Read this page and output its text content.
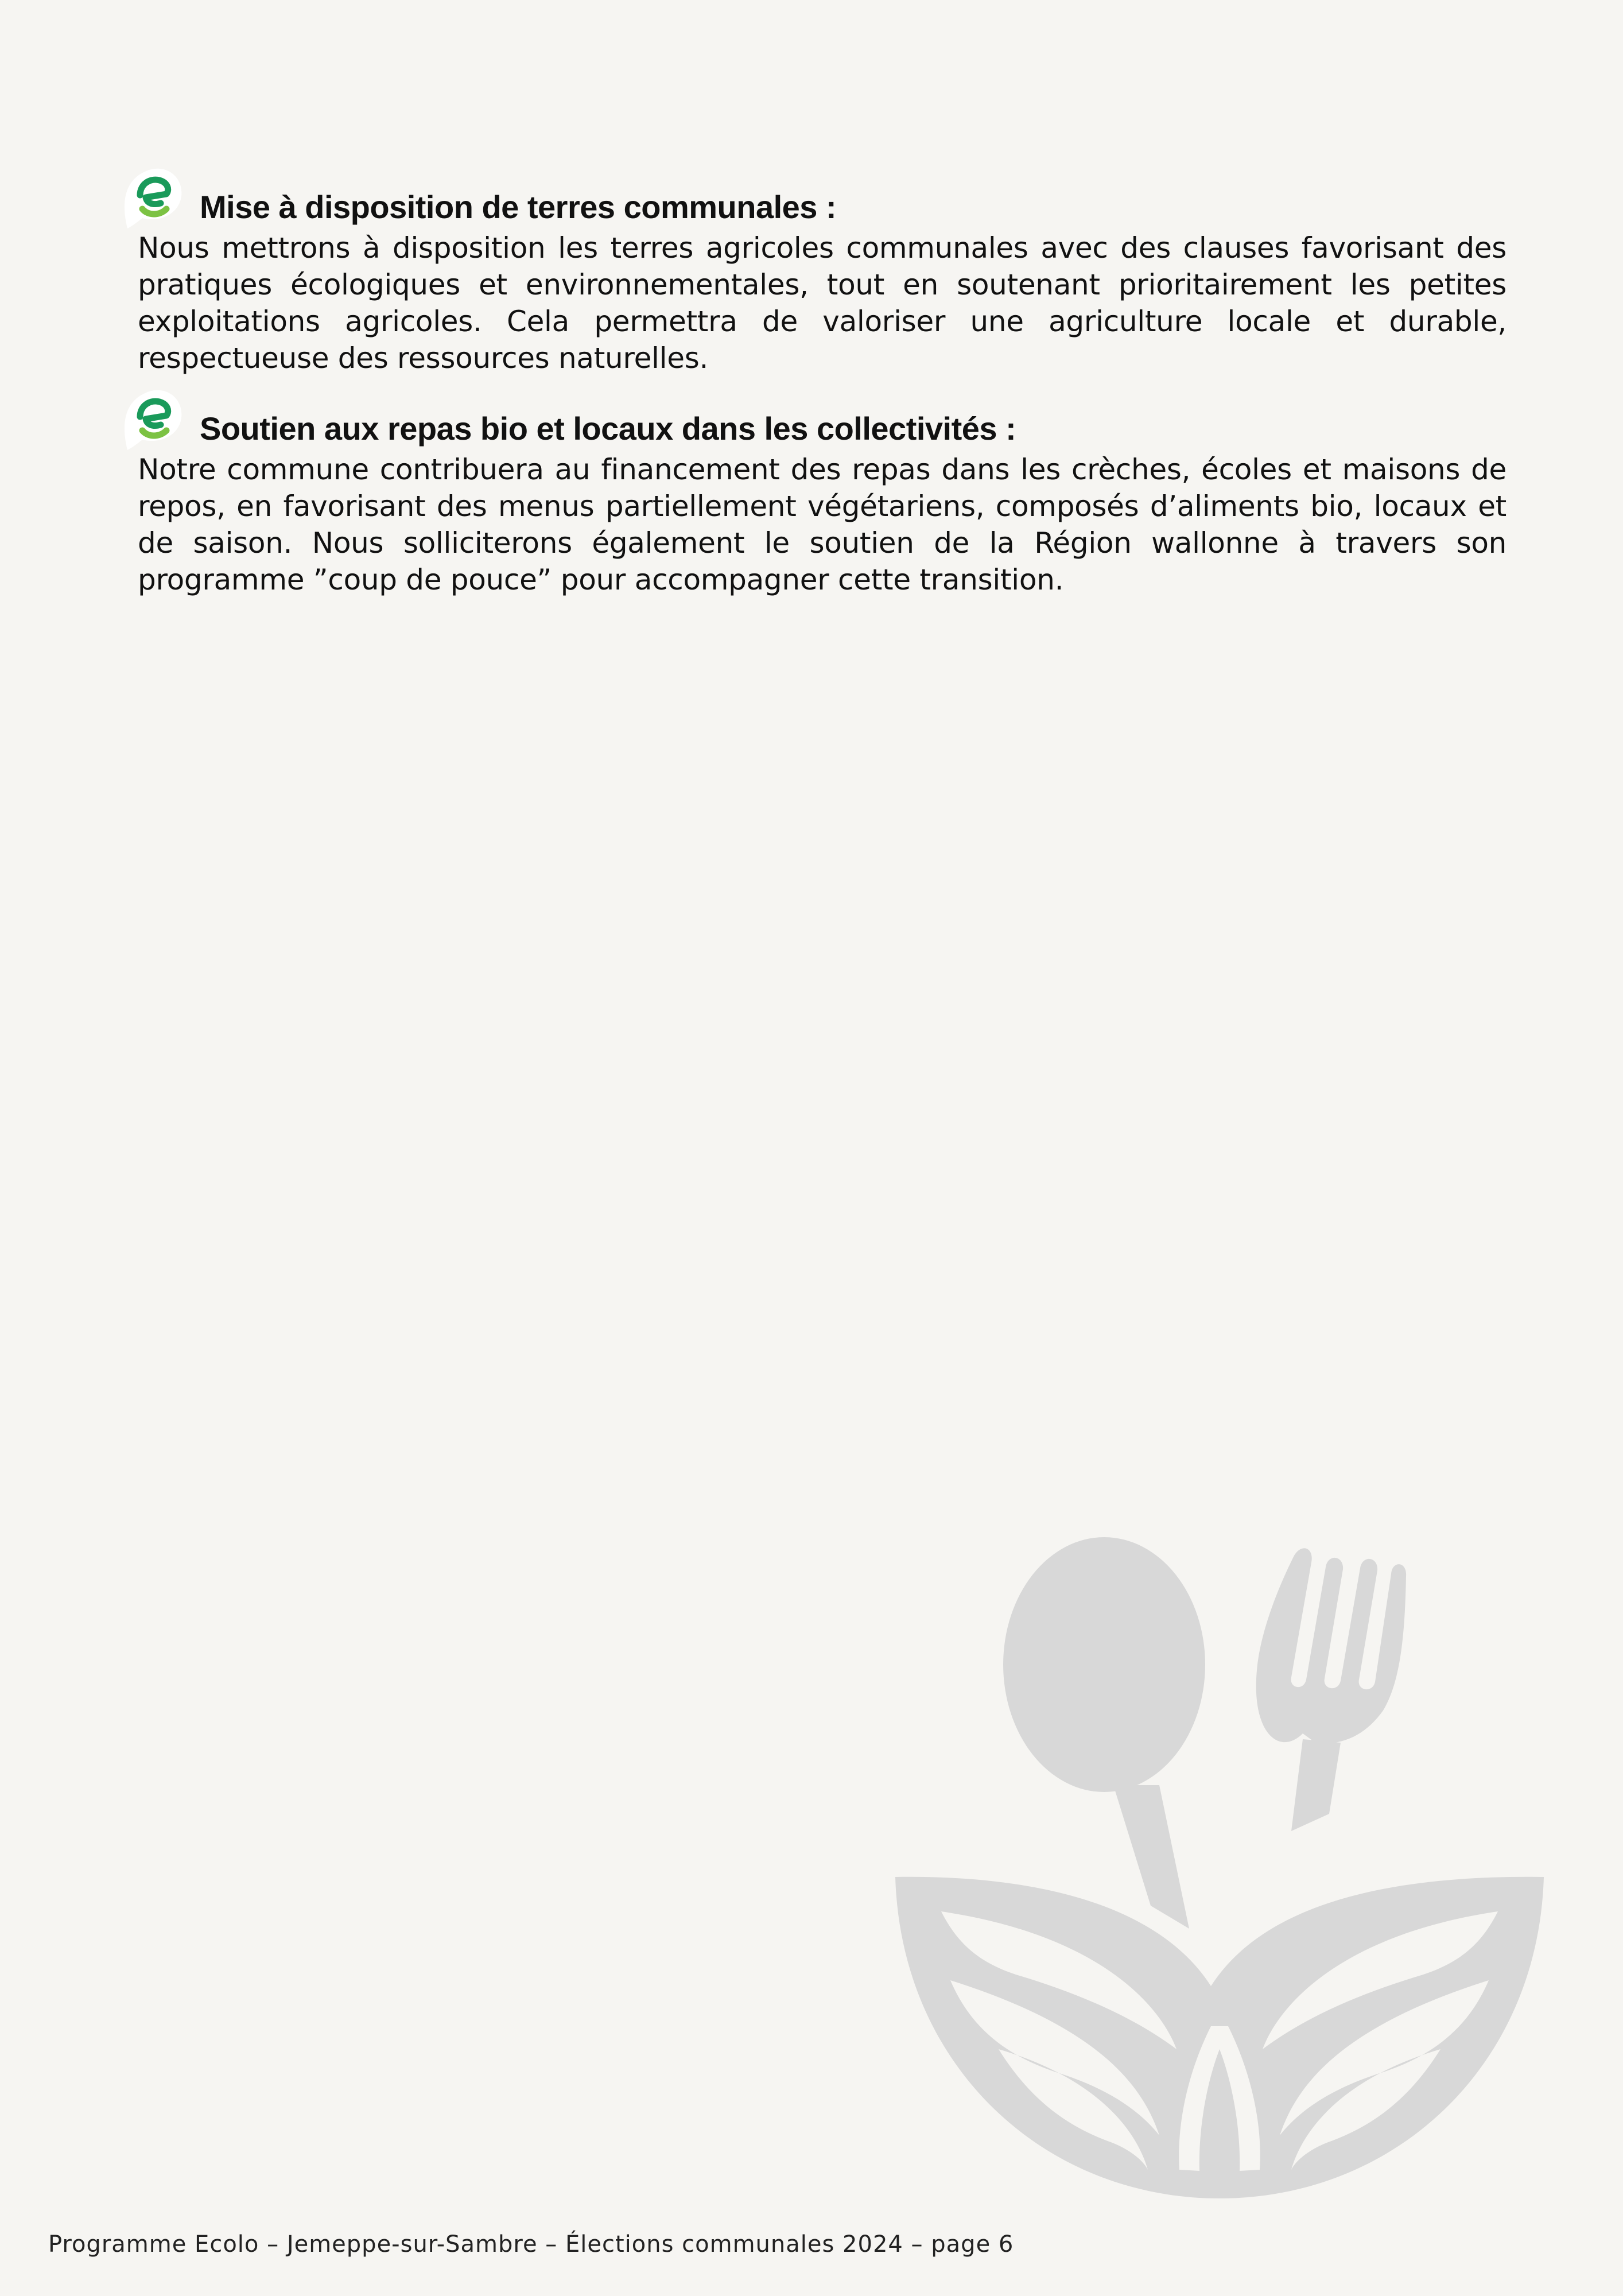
Mise à disposition de terres communales :

Nous mettrons à disposition les terres agricoles communales avec des clauses favorisant des pratiques écologiques et environnementales, tout en soutenant prioritairement les petites exploitations agricoles. Cela permettra de valoriser une agriculture locale et durable, respectueuse des ressources naturelles.

Soutien aux repas bio et locaux dans les collectivités :

Notre commune contribuera au financement des repas dans les crèches, écoles et maisons de repos, en favorisant des menus partiellement végétariens, composés d’aliments bio, locaux et de saison. Nous solliciterons également le soutien de la Région wallonne à travers son programme ”coup de pouce” pour accompagner cette transition.

Programme Ecolo – Jemeppe-sur-Sambre – Élections communales 2024 – page 6
